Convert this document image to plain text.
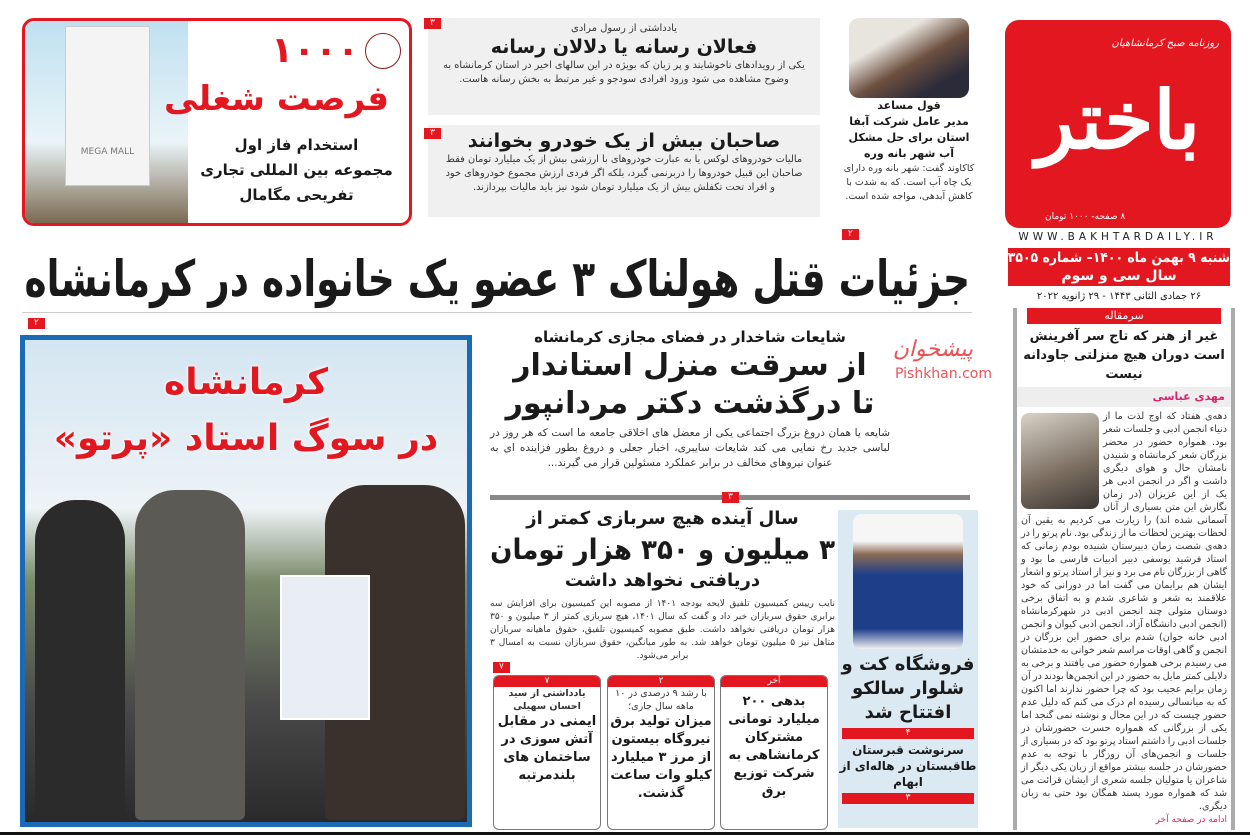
روزنامه صبح کرمانشاهیان
باختر
۸ صفحه- ۱۰۰۰ تومان
WWW.BAKHTARDAILY.IR
شنبه ۹ بهمن ماه ۱۴۰۰– شماره ۳۵۰۵
سال سی و سوم
۲۶ جمادی الثانی ۱۴۴۳ - ۲۹ ژانویه ۲۰۲۲
سرمقاله
غیر از هنر که تاج سر آفرینش است دوران هیچ منزلتی جاودانه نیست
مهدی عباسی
دهه‌ی هفتاد که اوج لذت ما از دنیاء انجمن ادبی و جلسات شعر بود. همواره حضور در محضر بزرگان شعر کرمانشاه و شنیدن نامشان حال و هوای دیگری داشت و اگر در انجمن ادبی هر یک از این عزیزان (در زمان نگارش این متن بسیاری از آنان آسمانی شده اند) را زیارت می کردیم به یقین آن لحظات بهترین لحظات ما از زندگی بود. نام پرتو را در دهه‌ی شصت زمان دبیرستان شنیده بودم زمانی که استاد فرشید یوسفی دبیر ادبیات فارسی ما بود و گاهی از بزرگان نام می برد و نیز از استاد پرتو و اشعار ایشان هم برایمان می گفت اما در دورانی که خود علاقمند به شعر و شاعری شدم و به اتفاق برخی دوستان متولی چند انجمن ادبی در شهرکرمانشاه (انجمن ادبی دانشگاه آزاد، انجمن ادبی کیوان و انجمن ادبی خانه جوان) شدم برای حضور این بزرگان در انجمن و گاهی اوقات مراسم شعر خوانی به خدمتشان می رسیدم برخی همواره حضور می یافتند و برخی به دلایلی کمتر مایل به حضور در این انجمن‌ها بودند در آن زمان برایم عجیب بود که چرا حضور ندارند اما اکنون که به میانسالی رسیده ام درک می کنم که دلیل عدم حضور چیست که در این مجال و نوشته نمی گنجد اما یکی از بزرگانی که همواره حسرت حضورشان در جلسات ادبی را داشتم استاد پرتو بود که در بسیاری از جلسات و انجمن‌های آن روزگار با توجه به عدم حضورشان در جلسه بیشتر مواقع از زبان یکی دیگر از شاعران یا متولیان جلسه شعری از ایشان قرائت می شد که همواره مورد پسند همگان بود حتی به زبان دیگری.
ادامه در صفحه آخر
قول مساعد
مدیر عامل شرکت آبفا استان برای حل مشکل آب شهر بانه وره
کاکاوند گفت: شهر بانه وره دارای یک چاه آب است. که به شدت با کاهش آبدهی، مواجه شده است.
۲
۳	یادداشتی از رسول مرادی
فعالان رسانه یا دلالان رسانه

یکی از رویدادهای ناخوشایند و پر زیان که بویژه در این سالهای اخیر در استان کرمانشاه به وضوح مشاهده می شود ورود افرادی سودجو و غیر مرتبط به بخش رسانه هاست.

۳	صاحبان بیش از یک خودرو بخوانند

مالیات خودروهای لوکس یا به عبارت خودروهای با ارزشی بیش از یک میلیارد تومان فقط صاحبان این قبیل خودروها را دربرنمی گیرد، بلکه اگر فردی ارزش مجموع خودروهای خود و افراد تحت تکفلش بیش از یک میلیارد تومان شود نیز باید مالیات بپردازند.

MEGA MALL
۱۰۰۰
فرصت شغلی
استخدام فاز اول
مجموعه بین المللی تجاری
تفریحی مگامال
جزئیات قتل هولناک ۳ عضو یک خانواده در کرمانشاه
۲
کرمانشاه
در سوگ استاد «پرتو»
شایعات شاخدار در فضای مجازی کرمانشاه
از سرقت منزل استاندار
تا درگذشت دکتر مردانپور

شایعه یا همان دروغ بزرگ اجتماعی یکی از معضل های اخلاقی جامعه ما است که هر روز در لباسی جدید رخ نمایی می کند شایعات سایبری، اخبار جعلی و دروغ بطور فزاینده ای به عنوان نیروهای مخالف در برابر عملکرد مسئولین قرار می گیرند...

پیشخوان
Pishkhan.com
۳
سال آینده هیچ سربازی کمتر از
۳ میلیون و ۳۵۰ هزار تومان
دریافتی نخواهد داشت

نایب رییس کمیسیون تلفیق لایحه بودجه ۱۴۰۱ از مصوبه این کمیسیون برای افزایش سه برابری حقوق سربازان خبر داد و گفت که سال ۱۴۰۱، هیچ سربازی کمتر از ۳ میلیون و ۳۵۰ هزار تومان دریافتی نخواهد داشت. طبق مصوبه کمیسیون تلفیق، حقوق ماهیانه سربازان متاهل نیز ۵ میلیون تومان خواهد شد. به طور میانگین، حقوق سربازان نسبت به امسال ۳ برابر می‌شود.

۷
۷
یادداشتی از سید احسان سهیلی
ایمنی در مقابل آتش سوزی در ساختمان های بلندمرتبه
۲
با رشد ۹ درصدی در ۱۰ ماهه سال جاری؛
میزان تولید برق نیروگاه بیستون از مرز ۳ میلیارد کیلو وات ساعت گذشت.
آخر
بدهی ۲۰۰ میلیارد تومانی مشترکان کرمانشاهی به شرکت توزیع برق
فروشگاه کت و شلوار سالکو افتتاح شد
۴
سرنوشت قبرستان طاقبستان در هاله‌ای از ابهام
۳
